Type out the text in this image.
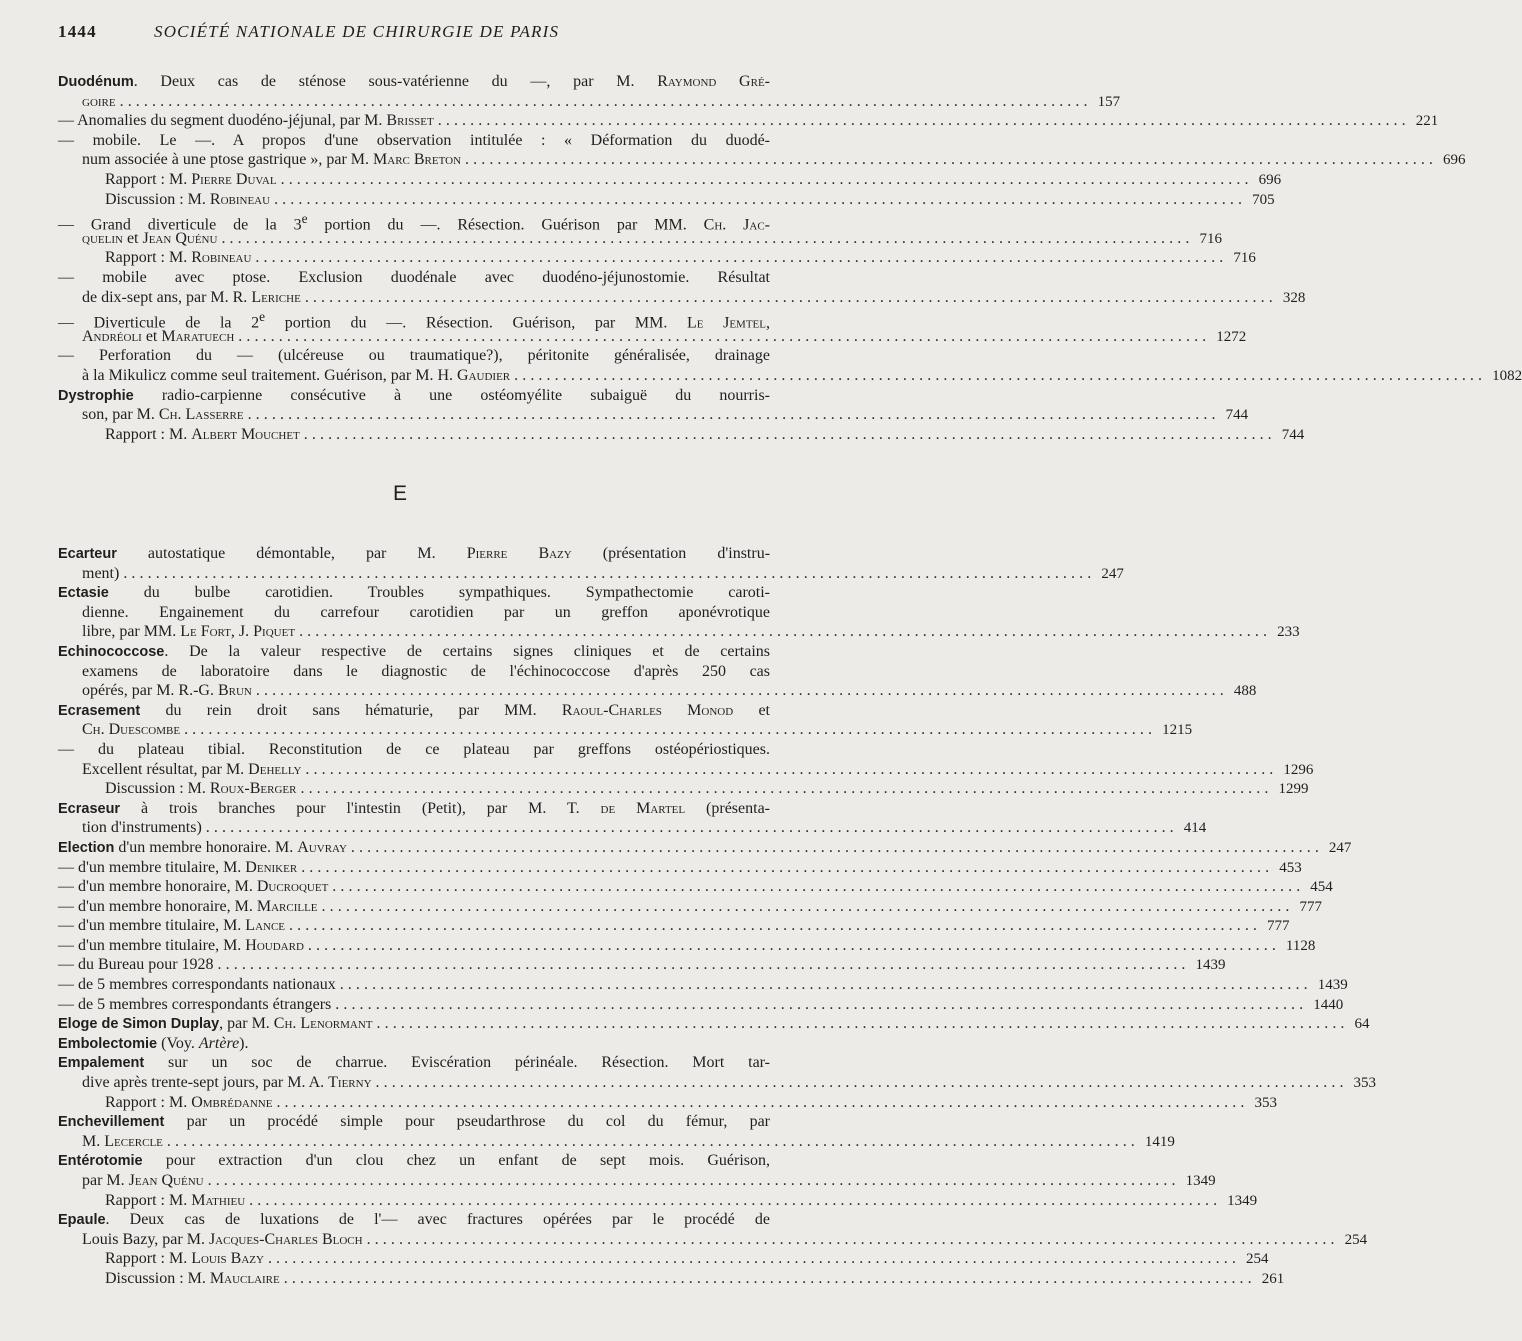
1444	SOCIÉTÉ NATIONALE DE CHIRURGIE DE PARIS
Duodénum. Deux cas de sténose sous-vatérienne du —, par M. Raymond Gré-
goire ........................................................................................................................ 157
— Anomalies du segment duodéno-jéjunal, par M. Brisset ........................................................................................................................ 221
— mobile. Le —. A propos d'une observation intitulée : « Déformation du duodé-
num associée à une ptose gastrique », par M. Marc Breton ........................................................................................................................ 696
Rapport : M. Pierre Duval ........................................................................................................................ 696
Discussion : M. Robineau ........................................................................................................................ 705
— Grand diverticule de la 3e portion du —. Résection. Guérison par MM. Ch. Jac-
quelin et Jean Quénu ........................................................................................................................ 716
Rapport : M. Robineau ........................................................................................................................ 716
— mobile avec ptose. Exclusion duodénale avec duodéno-jéjunostomie. Résultat
de dix-sept ans, par M. R. Leriche ........................................................................................................................ 328
— Diverticule de la 2e portion du —. Résection. Guérison, par MM. Le Jemtel,
Andréoli et Maratuech ........................................................................................................................ 1272
— Perforation du — (ulcéreuse ou traumatique?), péritonite généralisée, drainage
à la Mikulicz comme seul traitement. Guérison, par M. H. Gaudier ........................................................................................................................ 1082
Dystrophie radio-carpienne consécutive à une ostéomyélite subaiguë du nourris-
son, par M. Ch. Lasserre ........................................................................................................................ 744
Rapport : M. Albert Mouchet ........................................................................................................................ 744
E
Ecarteur autostatique démontable, par M. Pierre Bazy (présentation d'instru-
ment) ........................................................................................................................ 247
Ectasie du bulbe carotidien. Troubles sympathiques. Sympathectomie caroti-
dienne. Engainement du carrefour carotidien par un greffon aponévrotique
libre, par MM. Le Fort, J. Piquet ........................................................................................................................ 233
Echinococcose. De la valeur respective de certains signes cliniques et de certains
examens de laboratoire dans le diagnostic de l'échinococcose d'après 250 cas
opérés, par M. R.-G. Brun ........................................................................................................................ 488
Ecrasement du rein droit sans hématurie, par MM. Raoul-Charles Monod et
Ch. Duescombe ........................................................................................................................ 1215
— du plateau tibial. Reconstitution de ce plateau par greffons ostéopériostiques.
Excellent résultat, par M. Dehelly ........................................................................................................................ 1296
Discussion : M. Roux-Berger ........................................................................................................................ 1299
Ecraseur à trois branches pour l'intestin (Petit), par M. T. de Martel (présenta-
tion d'instruments) ........................................................................................................................ 414
Election d'un membre honoraire. M. Auvray ........................................................................................................................ 247
— d'un membre titulaire, M. Deniker ........................................................................................................................ 453
— d'un membre honoraire, M. Ducroquet ........................................................................................................................ 454
— d'un membre honoraire, M. Marcille ........................................................................................................................ 777
— d'un membre titulaire, M. Lance ........................................................................................................................ 777
— d'un membre titulaire, M. Houdard ........................................................................................................................ 1128
— du Bureau pour 1928 ........................................................................................................................ 1439
— de 5 membres correspondants nationaux ........................................................................................................................ 1439
— de 5 membres correspondants étrangers ........................................................................................................................ 1440
Eloge de Simon Duplay, par M. Ch. Lenormant ........................................................................................................................ 64
Embolectomie (Voy. Artère).
Empalement sur un soc de charrue. Eviscération périnéale. Résection. Mort tar-
dive après trente-sept jours, par M. A. Tierny ........................................................................................................................ 353
Rapport : M. Ombrédanne ........................................................................................................................ 353
Enchevillement par un procédé simple pour pseudarthrose du col du fémur, par
M. Lecercle ........................................................................................................................ 1419
Entérotomie pour extraction d'un clou chez un enfant de sept mois. Guérison,
par M. Jean Quénu ........................................................................................................................ 1349
Rapport : M. Mathieu ........................................................................................................................ 1349
Epaule. Deux cas de luxations de l'— avec fractures opérées par le procédé de
Louis Bazy, par M. Jacques-Charles Bloch ........................................................................................................................ 254
Rapport : M. Louis Bazy ........................................................................................................................ 254
Discussion : M. Mauclaire ........................................................................................................................ 261
